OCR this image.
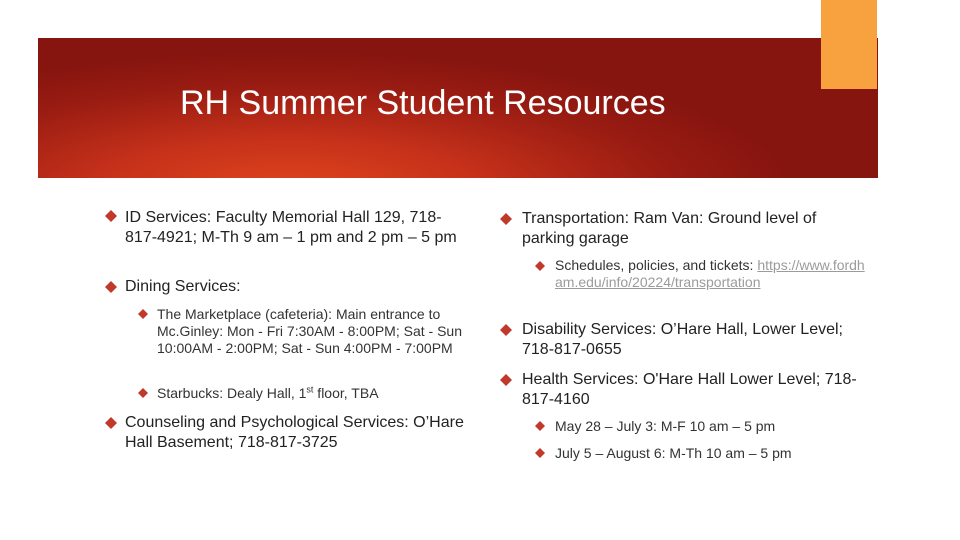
RH Summer Student Resources
ID Services: Faculty Memorial Hall 129, 718-817-4921; M-Th 9 am – 1 pm and 2 pm – 5 pm
Dining Services:
The Marketplace (cafeteria): Main entrance to Mc.Ginley: Mon - Fri 7:30AM - 8:00PM; Sat - Sun 10:00AM - 2:00PM; Sat - Sun 4:00PM - 7:00PM
Starbucks: Dealy Hall, 1st floor, TBA
Counseling and Psychological Services: O’Hare Hall Basement; 718-817-3725
Transportation: Ram Van: Ground level of parking garage
Schedules, policies, and tickets: https://www.fordham.edu/info/20224/transportation
Disability Services: O’Hare Hall, Lower Level; 718-817-0655
Health Services: O'Hare Hall Lower Level; 718-817-4160
May 28 – July 3: M-F 10 am – 5 pm
July 5 – August 6: M-Th 10 am – 5 pm
